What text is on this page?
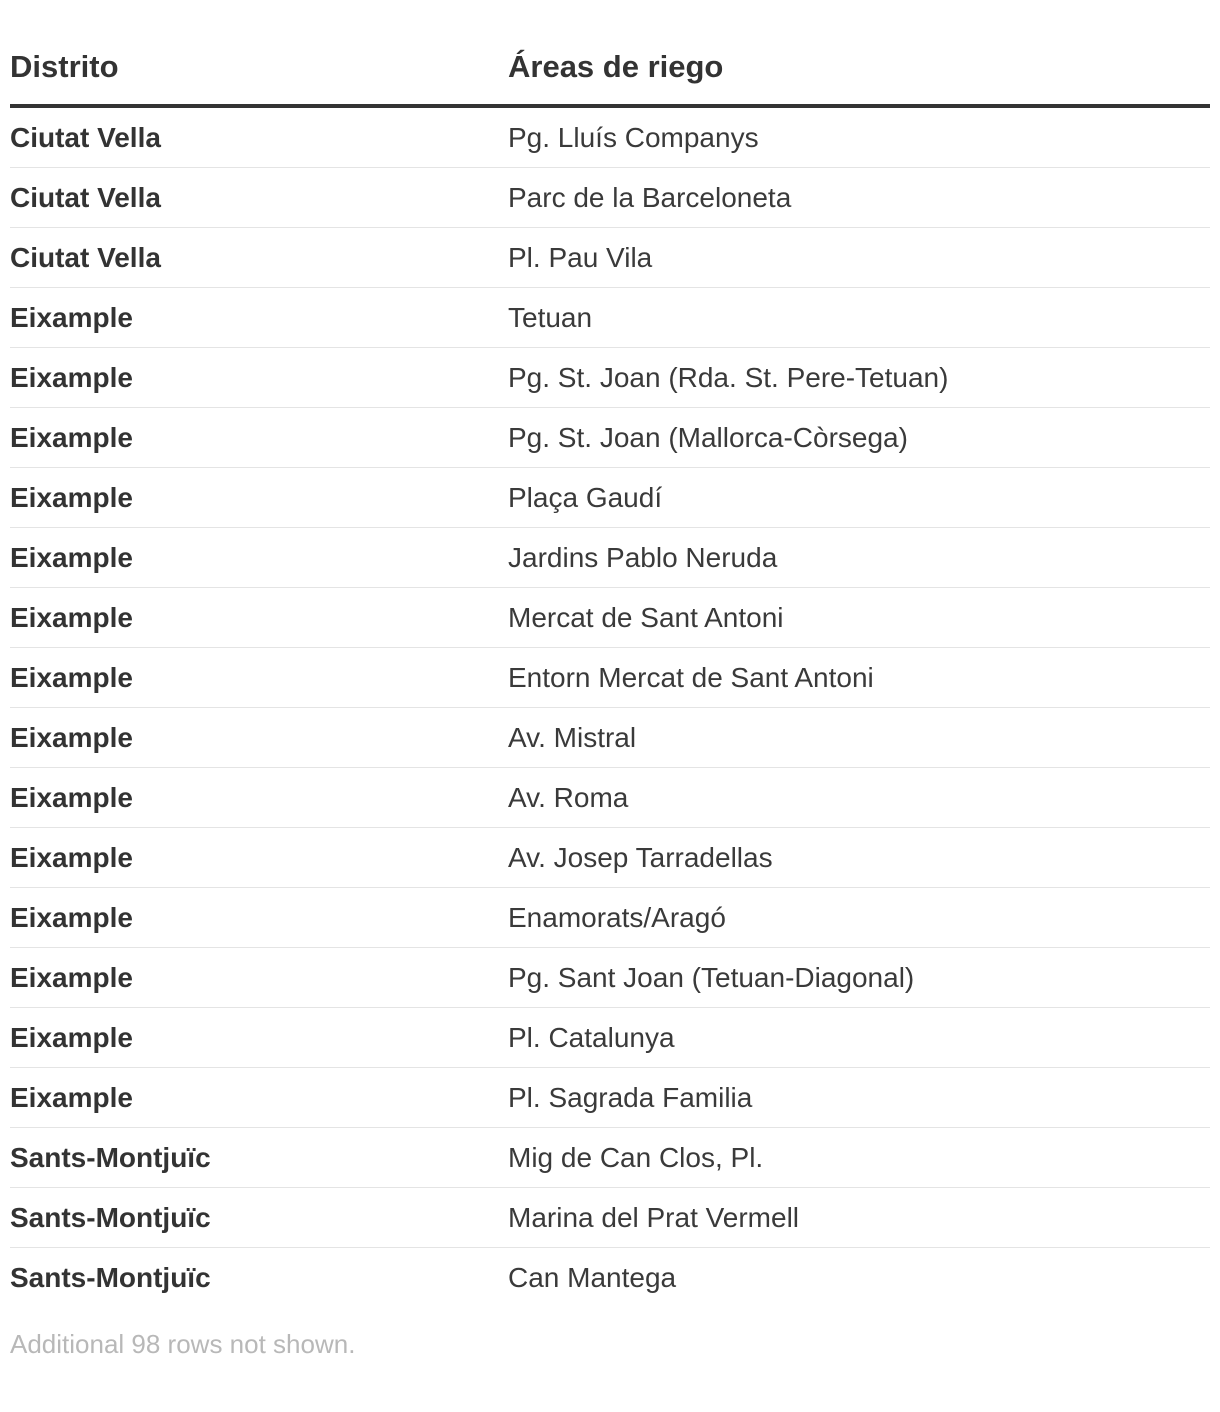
Distrito	Áreas de riego
Ciutat Vella	Pg. Lluís Companys
Ciutat Vella	Parc de la Barceloneta
Ciutat Vella	Pl. Pau Vila
Eixample	Tetuan
Eixample	Pg. St. Joan (Rda. St. Pere-Tetuan)
Eixample	Pg. St. Joan (Mallorca-Còrsega)
Eixample	Plaça Gaudí
Eixample	Jardins Pablo Neruda
Eixample	Mercat de Sant Antoni
Eixample	Entorn Mercat de Sant Antoni
Eixample	Av. Mistral
Eixample	Av. Roma
Eixample	Av. Josep Tarradellas
Eixample	Enamorats/Aragó
Eixample	Pg. Sant Joan (Tetuan-Diagonal)
Eixample	Pl. Catalunya
Eixample	Pl. Sagrada Familia
Sants-Montjuïc	Mig de Can Clos, Pl.
Sants-Montjuïc	Marina del Prat Vermell
Sants-Montjuïc	Can Mantega
Additional 98 rows not shown.
